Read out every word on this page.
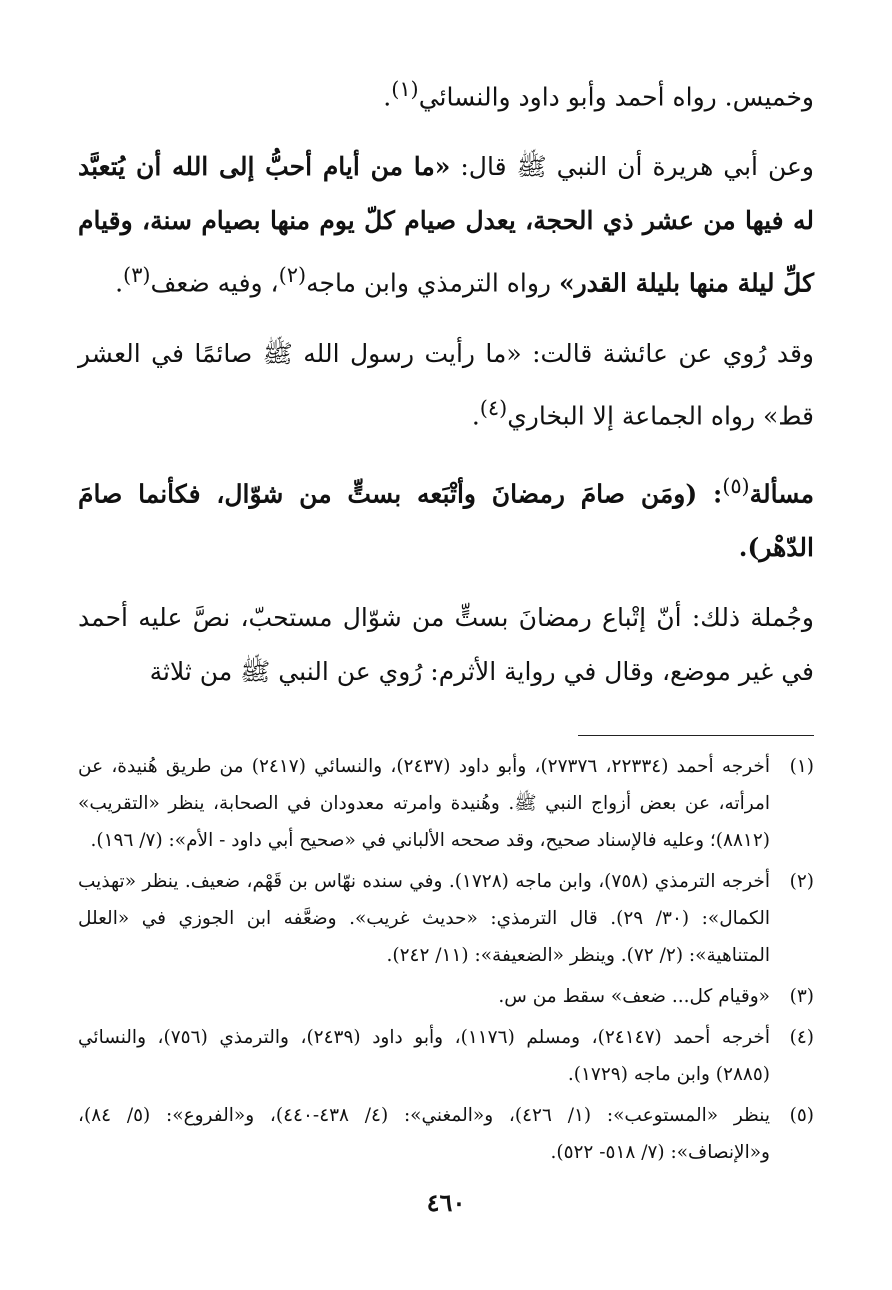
وخميس. رواه أحمد وأبو داود والنسائي$^{(١)}$.

وعن أبي هريرة أن النبي ﷺ قال: «ما من أيام أحبُّ إلى الله أن يُتعبَّد له فيها من عشر ذي الحجة، يعدل صيام كلّ يوم منها بصيام سنة، وقيام كلِّ ليلة منها بليلة القدر» رواه الترمذي وابن ماجه$^{(٢)}$، وفيه ضعف$^{(٣)}$.

وقد رُوي عن عائشة قالت: «ما رأيت رسول الله ﷺ صائمًا في العشر قط» رواه الجماعة إلا البخاري$^{(٤)}$.

مسألة$^{(٥)}$: (ومَن صامَ رمضانَ وأتْبَعه بستٍّ من شوّال، فكأنما صامَ الدّهْر).

وجُملة ذلك: أنّ إتْباع رمضانَ بستٍّ من شوّال مستحبّ، نصَّ عليه أحمد في غير موضع، وقال في رواية الأثرم: رُوي عن النبي ﷺ من ثلاثة

(١)
أخرجه أحمد (٢٢٣٣٤، ٢٧٣٧٦)، وأبو داود (٢٤٣٧)، والنسائي (٢٤١٧) من طريق هُنيدة، عن امرأته، عن بعض أزواج النبي ﷺ. وهُنيدة وامرته معدودان في الصحابة، ينظر «التقريب» (٨٨١٢)؛ وعليه فالإسناد صحيح، وقد صححه الألباني في «صحيح أبي داود - الأم»: (٧/ ١٩٦).
(٢)
أخرجه الترمذي (٧٥٨)، وابن ماجه (١٧٢٨). وفي سنده نهّاس بن قَهْم، ضعيف. ينظر «تهذيب الكمال»: (٣٠/ ٢٩). قال الترمذي: «حديث غريب». وضعَّفه ابن الجوزي في «العلل المتناهية»: (٢/ ٧٢). وينظر «الضعيفة»: (١١/ ٢٤٢).
(٣)
«وقيام كل... ضعف» سقط من س.
(٤)
أخرجه أحمد (٢٤١٤٧)، ومسلم (١١٧٦)، وأبو داود (٢٤٣٩)، والترمذي (٧٥٦)، والنسائي (٢٨٨٥) وابن ماجه (١٧٢٩).
(٥)
ينظر «المستوعب»: (١/ ٤٢٦)، و«المغني»: (٤/ ٤٣٨-٤٤٠)، و«الفروع»: (٥/ ٨٤)، و«الإنصاف»: (٧/ ٥١٨- ٥٢٢).
٤٦٠
